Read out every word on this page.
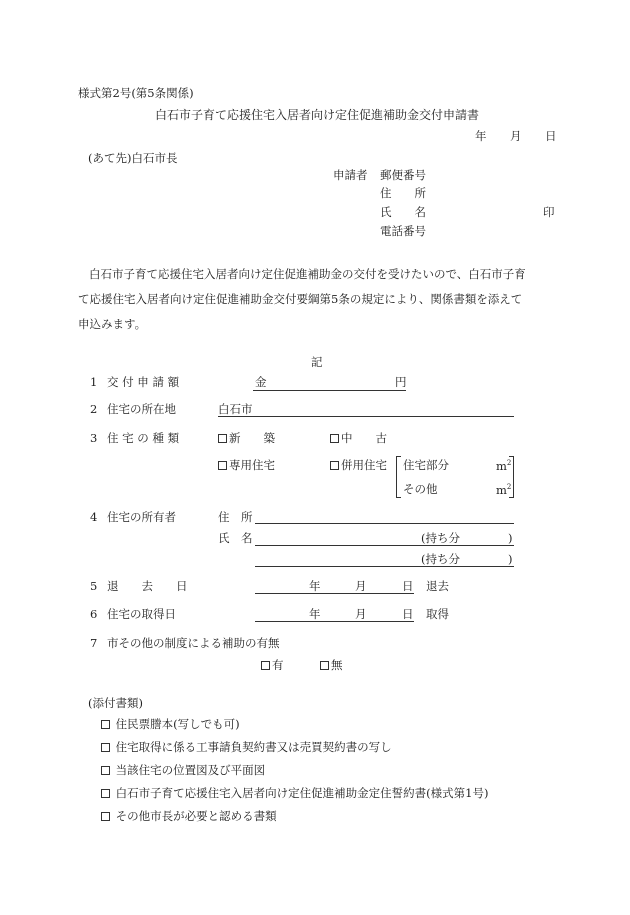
様式第2号(第5条関係)
白石市子育て応援住宅入居者向け定住促進補助金交付申請書
年 月 日
(あて先)白石市長
申請者 郵便番号
住　　所
氏　　名	印
電話番号
白石市子育て応援住宅入居者向け定住促進補助金の交付を受けたいので、白石市子育
て応援住宅入居者向け定住促進補助金交付要綱第5条の規定により、関係書類を添えて
申込みます。
記
1 交 付 申 請 額	金	円
2 住宅の所在地	白石市
3 住 宅 の 種 類	新　　築	中　　古
専用住宅	併用住宅 住宅部分	$m^2$
その他	$m^2$
4 住宅の所有者	住　所
氏　名	(持ち分	)
(持ち分	)
5 退　　去　　日	年	月	日 退去
6 住宅の取得日	年	月	日 取得
7 市その他の制度による補助の有無
有	無
(添付書類)
住民票謄本(写しでも可)
住宅取得に係る工事請負契約書又は売買契約書の写し
当該住宅の位置図及び平面図
白石市子育て応援住宅入居者向け定住促進補助金定住誓約書(様式第1号)
その他市長が必要と認める書類
